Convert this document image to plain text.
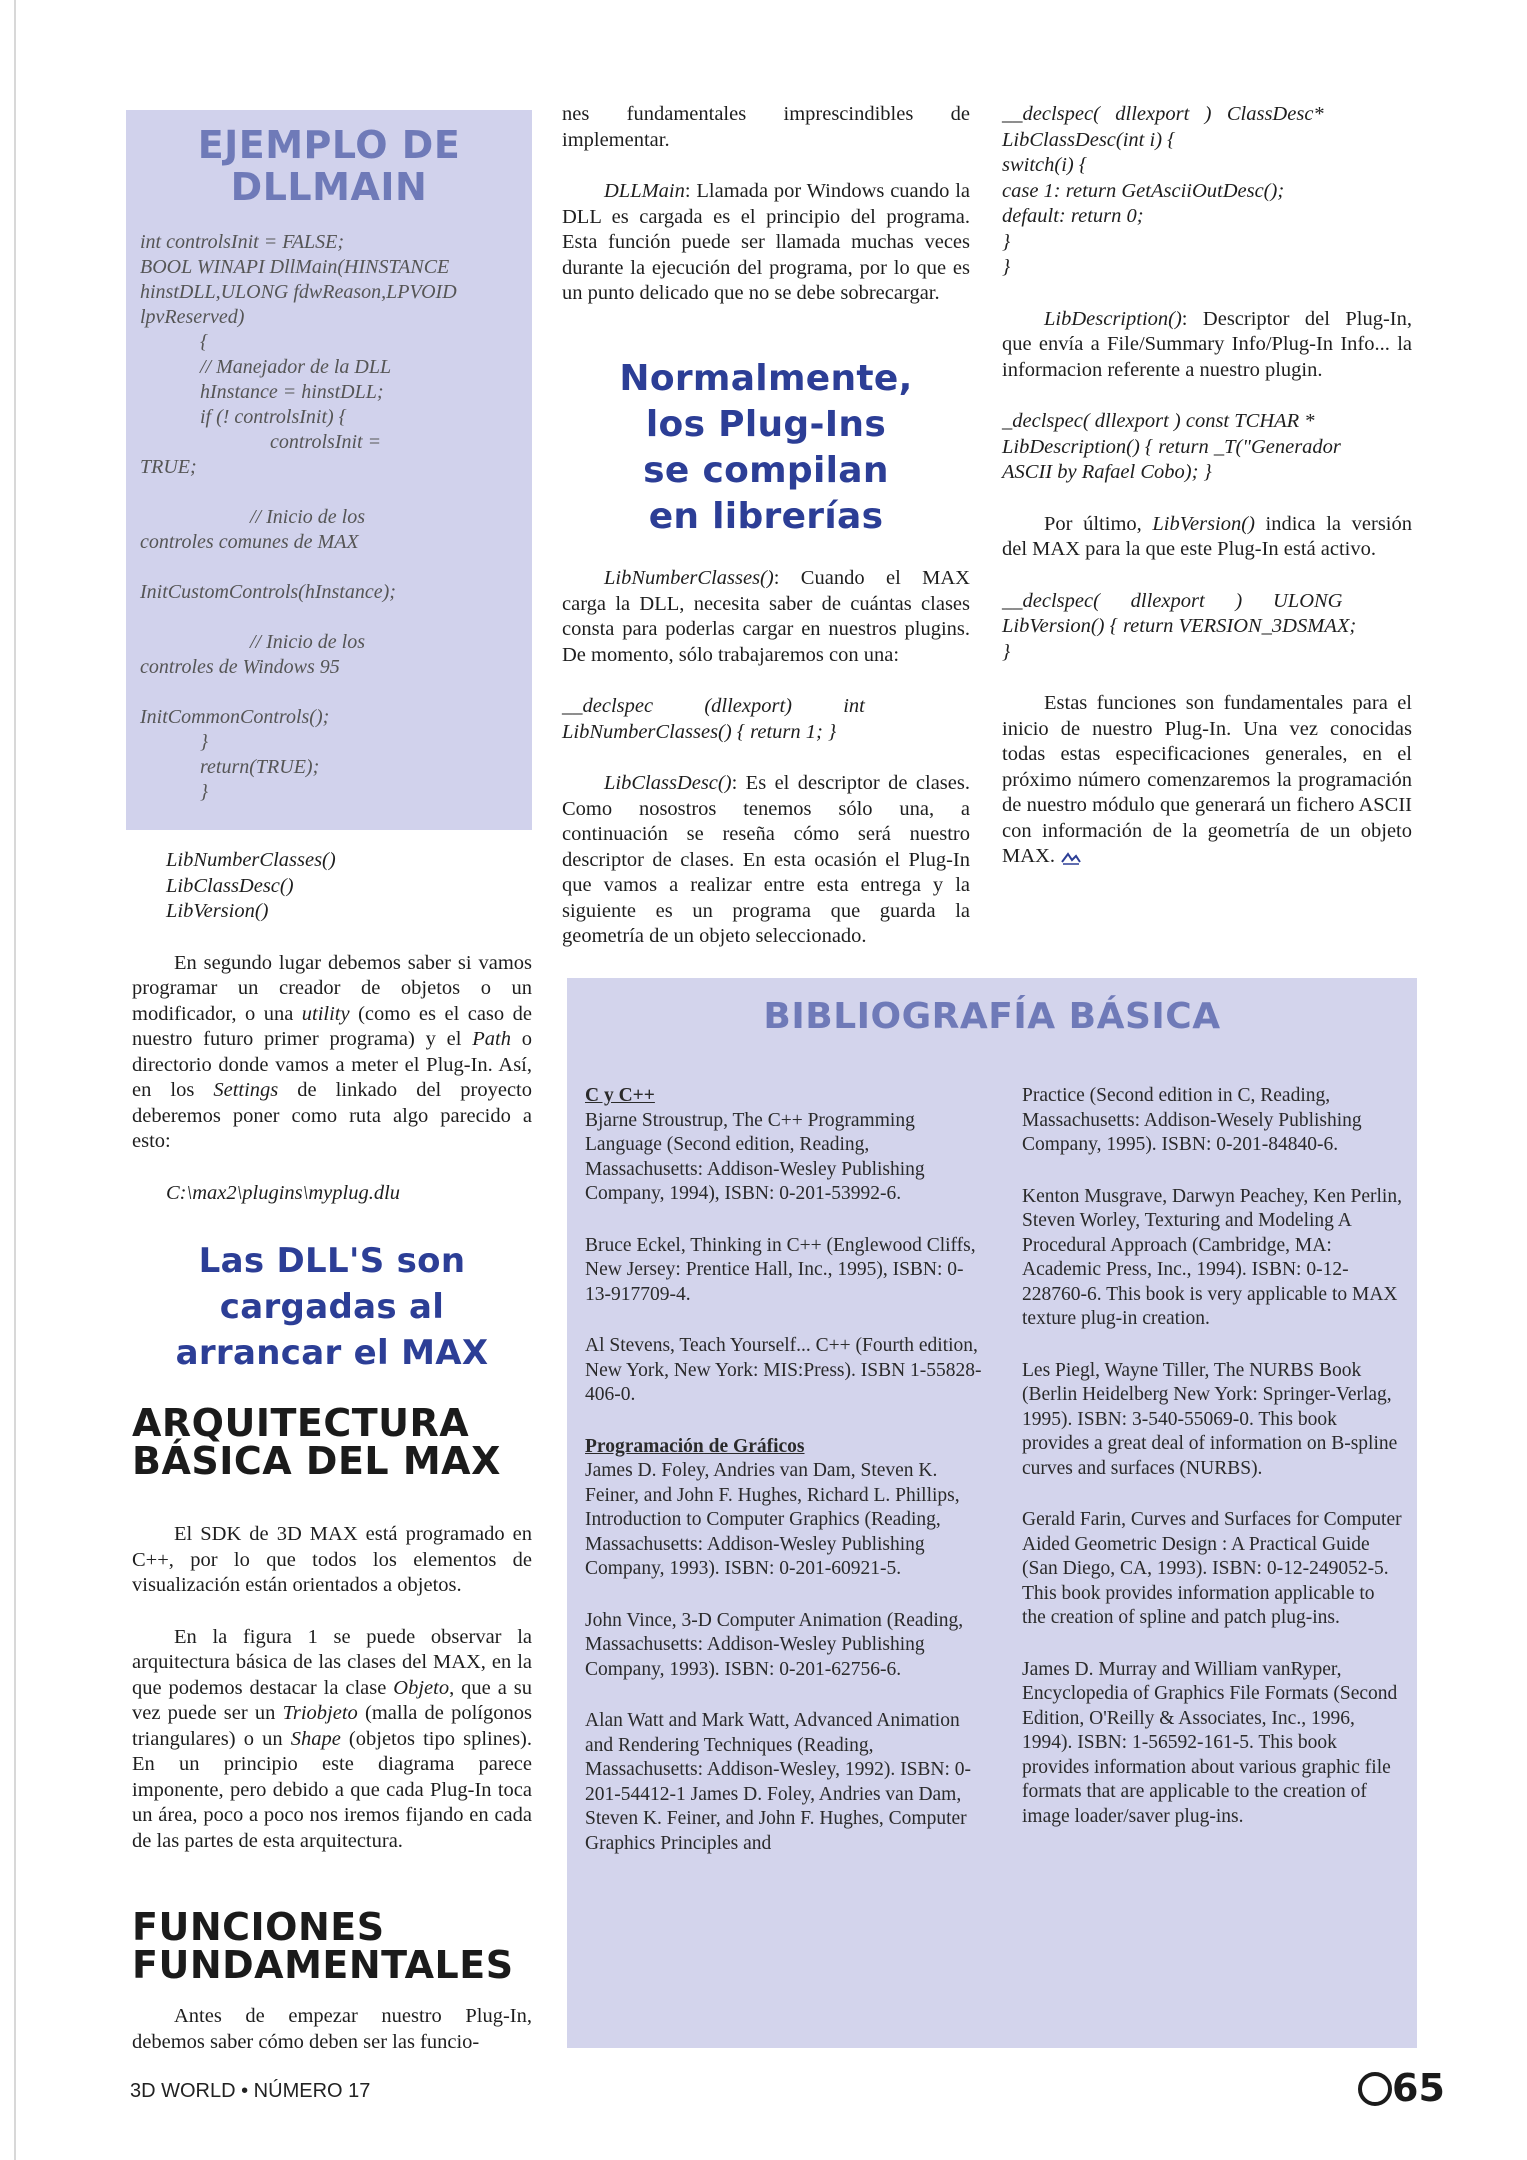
EJEMPLO DE DLLMAIN
int controlsInit = FALSE;
BOOL WINAPI DllMain(HINSTANCE
hinstDLL,ULONG fdwReason,LPVOID
lpvReserved)
{
// Manejador de la DLL
hInstance = hinstDLL;
if (! controlsInit) {
controlsInit =
TRUE;

// Inicio de los
controles comunes de MAX

InitCustomControls(hInstance);

// Inicio de los
controles de Windows 95

InitCommonControls();
}
return(TRUE);
}
LibNumberClasses()
LibClassDesc()
LibVersion()

En segundo lugar debemos saber si vamos programar un creador de objetos o un modificador, o una utility (como es el caso de nuestro futuro primer programa) y el Path o directorio donde vamos a meter el Plug-In. Así, en los Settings de linkado del proyecto deberemos poner como ruta algo parecido a esto:

C:\max2\plugins\myplug.dlu

Las DLL'S son
cargadas al
arrancar el MAX
ARQUITECTURA
BÁSICA DEL MAX

El SDK de 3D MAX está programado en C++, por lo que todos los elementos de visualización están orientados a objetos.

En la figura 1 se puede observar la arquitectura básica de las clases del MAX, en la que podemos destacar la clase Objeto, que a su vez puede ser un Triobjeto (malla de polígonos triangulares) o un Shape (objetos tipo splines). En un principio este diagrama parece imponente, pero debido a que cada Plug-In toca un área, poco a poco nos iremos fijando en cada de las partes de esta arquitectura.

FUNCIONES
FUNDAMENTALES

Antes de empezar nuestro Plug-In, debemos saber cómo deben ser las funcio-

nes fundamentales imprescindibles de implementar.

DLLMain: Llamada por Windows cuando la DLL es cargada es el principio del programa. Esta función puede ser llamada muchas veces durante la ejecución del programa, por lo que es un punto delicado que no se debe sobrecargar.

Normalmente,
los Plug-Ins
se compilan
en librerías

LibNumberClasses(): Cuando el MAX carga la DLL, necesita saber de cuántas clases consta para poderlas cargar en nuestros plugins. De momento, sólo trabajaremos con una:

__declspec          (dllexport)          int
LibNumberClasses() { return 1; }

LibClassDesc(): Es el descriptor de clases. Como nosostros tenemos sólo una, a continuación se reseña cómo será nuestro descriptor de clases. En esta ocasión el Plug-In que vamos a realizar entre esta entrega y la siguiente es un programa que guarda la geometría de un objeto seleccionado.

__declspec(   dllexport   )   ClassDesc*
LibClassDesc(int i) {
switch(i) {
case 1: return GetAsciiOutDesc();
default: return 0;
}
}

LibDescription(): Descriptor del Plug-In, que envía a File/Summary Info/Plug-In Info... la informacion referente a nuestro plugin.

_declspec( dllexport ) const TCHAR *
LibDescription() { return _T("Generador
ASCII by Rafael Cobo); }

Por último, LibVersion() indica la versión del MAX para la que este Plug-In está activo.

__declspec(      dllexport      )      ULONG
LibVersion() { return VERSION_3DSMAX;
}

Estas funciones son fundamentales para el inicio de nuestro Plug-In. Una vez conocidas todas estas especificaciones generales, en el próximo número comenzaremos la programación de nuestro módulo que generará un fichero ASCII con información de la geometría de un objeto MAX.

BIBLIOGRAFÍA BÁSICA
C y C++
Bjarne Stroustrup, The C++ Programming Language (Second edition, Reading, Massachusetts: Addison-Wesley Publishing Company, 1994), ISBN: 0-201-53992-6.
Bruce Eckel, Thinking in C++ (Englewood Cliffs, New Jersey: Prentice Hall, Inc., 1995), ISBN: 0-13-917709-4.
Al Stevens, Teach Yourself... C++ (Fourth edition, New York, New York: MIS:Press). ISBN 1-55828-406-0.
Programación de Gráficos
James D. Foley, Andries van Dam, Steven K. Feiner, and John F. Hughes, Richard L. Phillips, Introduction to Computer Graphics (Reading, Massachusetts: Addison-Wesley Publishing Company, 1993). ISBN: 0-201-60921-5.
John Vince, 3-D Computer Animation (Reading, Massachusetts: Addison-Wesley Publishing Company, 1993). ISBN: 0-201-62756-6.
Alan Watt and Mark Watt, Advanced Animation and Rendering Techniques (Reading, Massachusetts: Addison-Wesley, 1992). ISBN: 0-201-54412-1 James D. Foley, Andries van Dam, Steven K. Feiner, and John F. Hughes, Computer Graphics Principles and
Practice (Second edition in C, Reading, Massachusetts: Addison-Wesely Publishing Company, 1995). ISBN: 0-201-84840-6.
Kenton Musgrave, Darwyn Peachey, Ken Perlin, Steven Worley, Texturing and Modeling A Procedural Approach (Cambridge, MA: Academic Press, Inc., 1994). ISBN: 0-12-228760-6. This book is very applicable to MAX texture plug-in creation.
Les Piegl, Wayne Tiller, The NURBS Book (Berlin Heidelberg New York: Springer-Verlag, 1995). ISBN: 3-540-55069-0. This book provides a great deal of information on B-spline curves and surfaces (NURBS).
Gerald Farin, Curves and Surfaces for Computer Aided Geometric Design : A Practical Guide (San Diego, CA, 1993). ISBN: 0-12-249052-5. This book provides information applicable to the creation of spline and patch plug-ins.
James D. Murray and William vanRyper, Encyclopedia of Graphics File Formats (Second Edition, O'Reilly & Associates, Inc., 1996, 1994). ISBN: 1-56592-161-5. This book provides information about various graphic file formats that are applicable to the creation of image loader/saver plug-ins.
3D WORLD • NÚMERO 17	65
